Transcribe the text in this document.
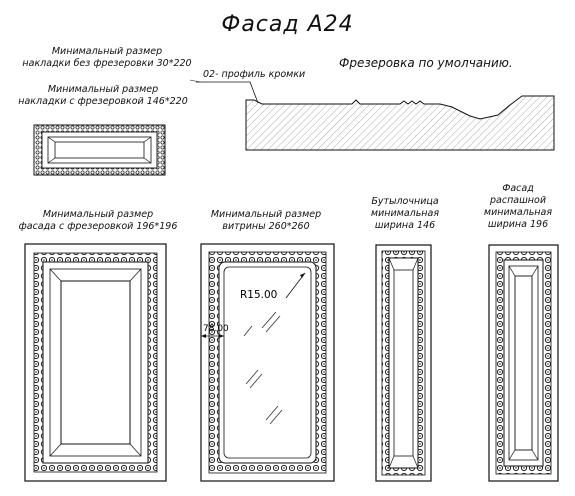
Фасад А24
Минимальный размер
накладки без фрезеровки 30*220
Минимальный размер
накладки с фрезеровкой 146*220
02- профиль кромки
Фрезеровка по умолчанию.
Минимальный размер
фасада с фрезеровкой 196*196
Минимальный размер
витрины 260*260
Бутылочница
минимальная
ширина 146
Фасад
распашной
минимальная
ширина 196
R15.00
78.00
